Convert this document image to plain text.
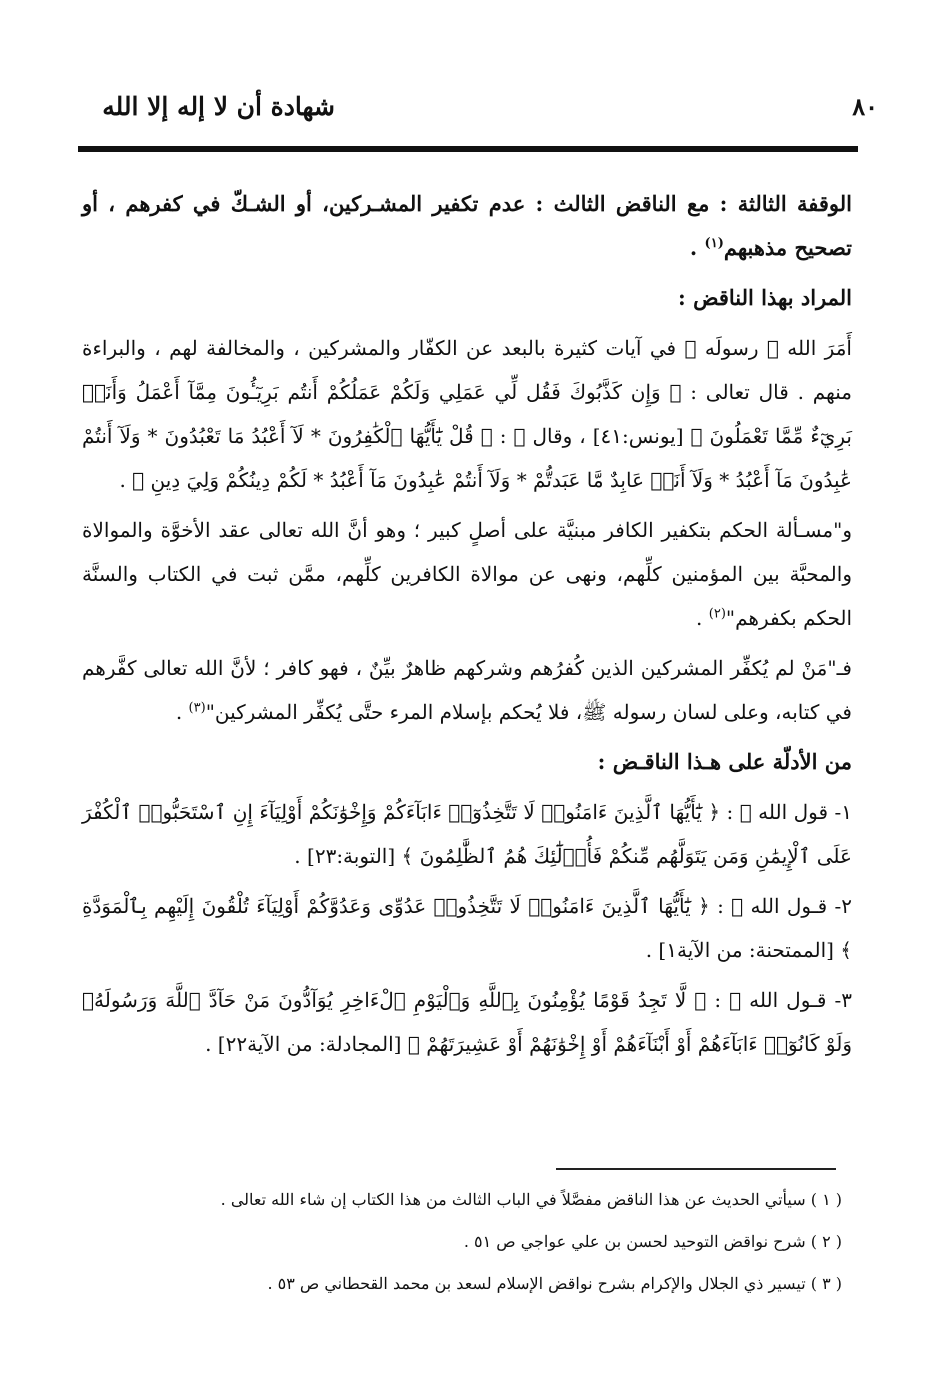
شهادة أن لا إله إلا الله	٨٠

الوقفة الثالثة : مع الناقض الثالث : عدم تكفير المشـركين، أو الشـكّ في كفرهم ، أو تصحيح مذهبهم$^{(١)}$ .

المراد بهذا الناقض :

أَمَرَ الله ﷻ رسولَه ﷺ في آيات كثيرة بالبعد عن الكفّار والمشركين ، والمخالفة لهم ، والبراءة منهم . قال تعالى : ﴿ وَإِن كَذَّبُوكَ فَقُل لِّي عَمَلِي وَلَكُمْ عَمَلُكُمْ أَنتُم بَرِيٓـُٔونَ مِمَّآ أَعْمَلُ وَأَنَا۠ بَرِيٓءٌ مِّمَّا تَعْمَلُونَ ﴾ [يونس:٤١] ، وقال ﷻ : ﴿ قُلْ يَٰٓأَيُّهَا ٱلْكَٰفِرُونَ * لَآ أَعْبُدُ مَا تَعْبُدُونَ * وَلَآ أَنتُمْ عَٰبِدُونَ مَآ أَعْبُدُ * وَلَآ أَنَا۠ عَابِدٌ مَّا عَبَدتُّمْ * وَلَآ أَنتُمْ عَٰبِدُونَ مَآ أَعْبُدُ * لَكُمْ دِينُكُمْ وَلِيَ دِينِ ﴾ .

و"مسـألة الحكم بتكفير الكافر مبنيَّة على أصلٍ كبير ؛ وهو أنَّ الله تعالى عقد الأخوَّة والموالاة والمحبَّة بين المؤمنين كلِّهم، ونهى عن موالاة الكافرين كلِّهم، ممَّن ثبت في الكتاب والسنَّة الحكم بكفرهم"$^{(٢)}$ .

فـ"مَنْ لم يُكفِّر المشركين الذين كُفرُهم وشركهم ظاهرٌ بيِّنٌ ، فهو كافر ؛ لأنَّ الله تعالى كفَّرهم في كتابه، وعلى لسان رسوله ﷺ، فلا يُحكم بإسلام المرء حتَّى يُكفِّر المشركين"$^{(٣)}$ .

من الأدلّة على هـذا الناقـض :

١- قول الله ﷻ : ﴿ يَٰٓأَيُّهَا ٱلَّذِينَ ءَامَنُوا۟ لَا تَتَّخِذُوٓا۟ ءَابَآءَكُمْ وَإِخْوَٰنَكُمْ أَوْلِيَآءَ إِنِ ٱسْتَحَبُّوا۟ ٱلْكُفْرَ عَلَى ٱلْإِيمَٰنِ وَمَن يَتَوَلَّهُم مِّنكُمْ فَأُو۟لَٰٓئِكَ هُمُ ٱلظَّٰلِمُونَ ﴾ [التوبة:٢٣] .

٢- قـول الله ﷻ : ﴿ يَٰٓأَيُّهَا ٱلَّذِينَ ءَامَنُوا۟ لَا تَتَّخِذُوا۟ عَدُوِّى وَعَدُوَّكُمْ أَوْلِيَآءَ تُلْقُونَ إِلَيْهِم بِٱلْمَوَدَّةِ ﴾ [الممتحنة: من الآية١] .

٣- قـول الله ﷻ : ﴿ لَّا تَجِدُ قَوْمًا يُؤْمِنُونَ بِٱللَّهِ وَٱلْيَوْمِ ٱلْءَاخِرِ يُوَآدُّونَ مَنْ حَآدَّ ٱللَّهَ وَرَسُولَهُۥ وَلَوْ كَانُوٓا۟ ءَابَآءَهُمْ أَوْ أَبْنَآءَهُمْ أَوْ إِخْوَٰنَهُمْ أَوْ عَشِيرَتَهُمْ ﴾ [المجادلة: من الآية٢٢] .

( ١ ) سيأتي الحديث عن هذا الناقض مفصَّلاً في الباب الثالث من هذا الكتاب إن شاء الله تعالى .

( ٢ ) شرح نواقض التوحيد لحسن بن علي عواجي ص ٥١ .

( ٣ ) تيسير ذي الجلال والإكرام بشرح نواقض الإسلام لسعد بن محمد القحطاني ص ٥٣ .
